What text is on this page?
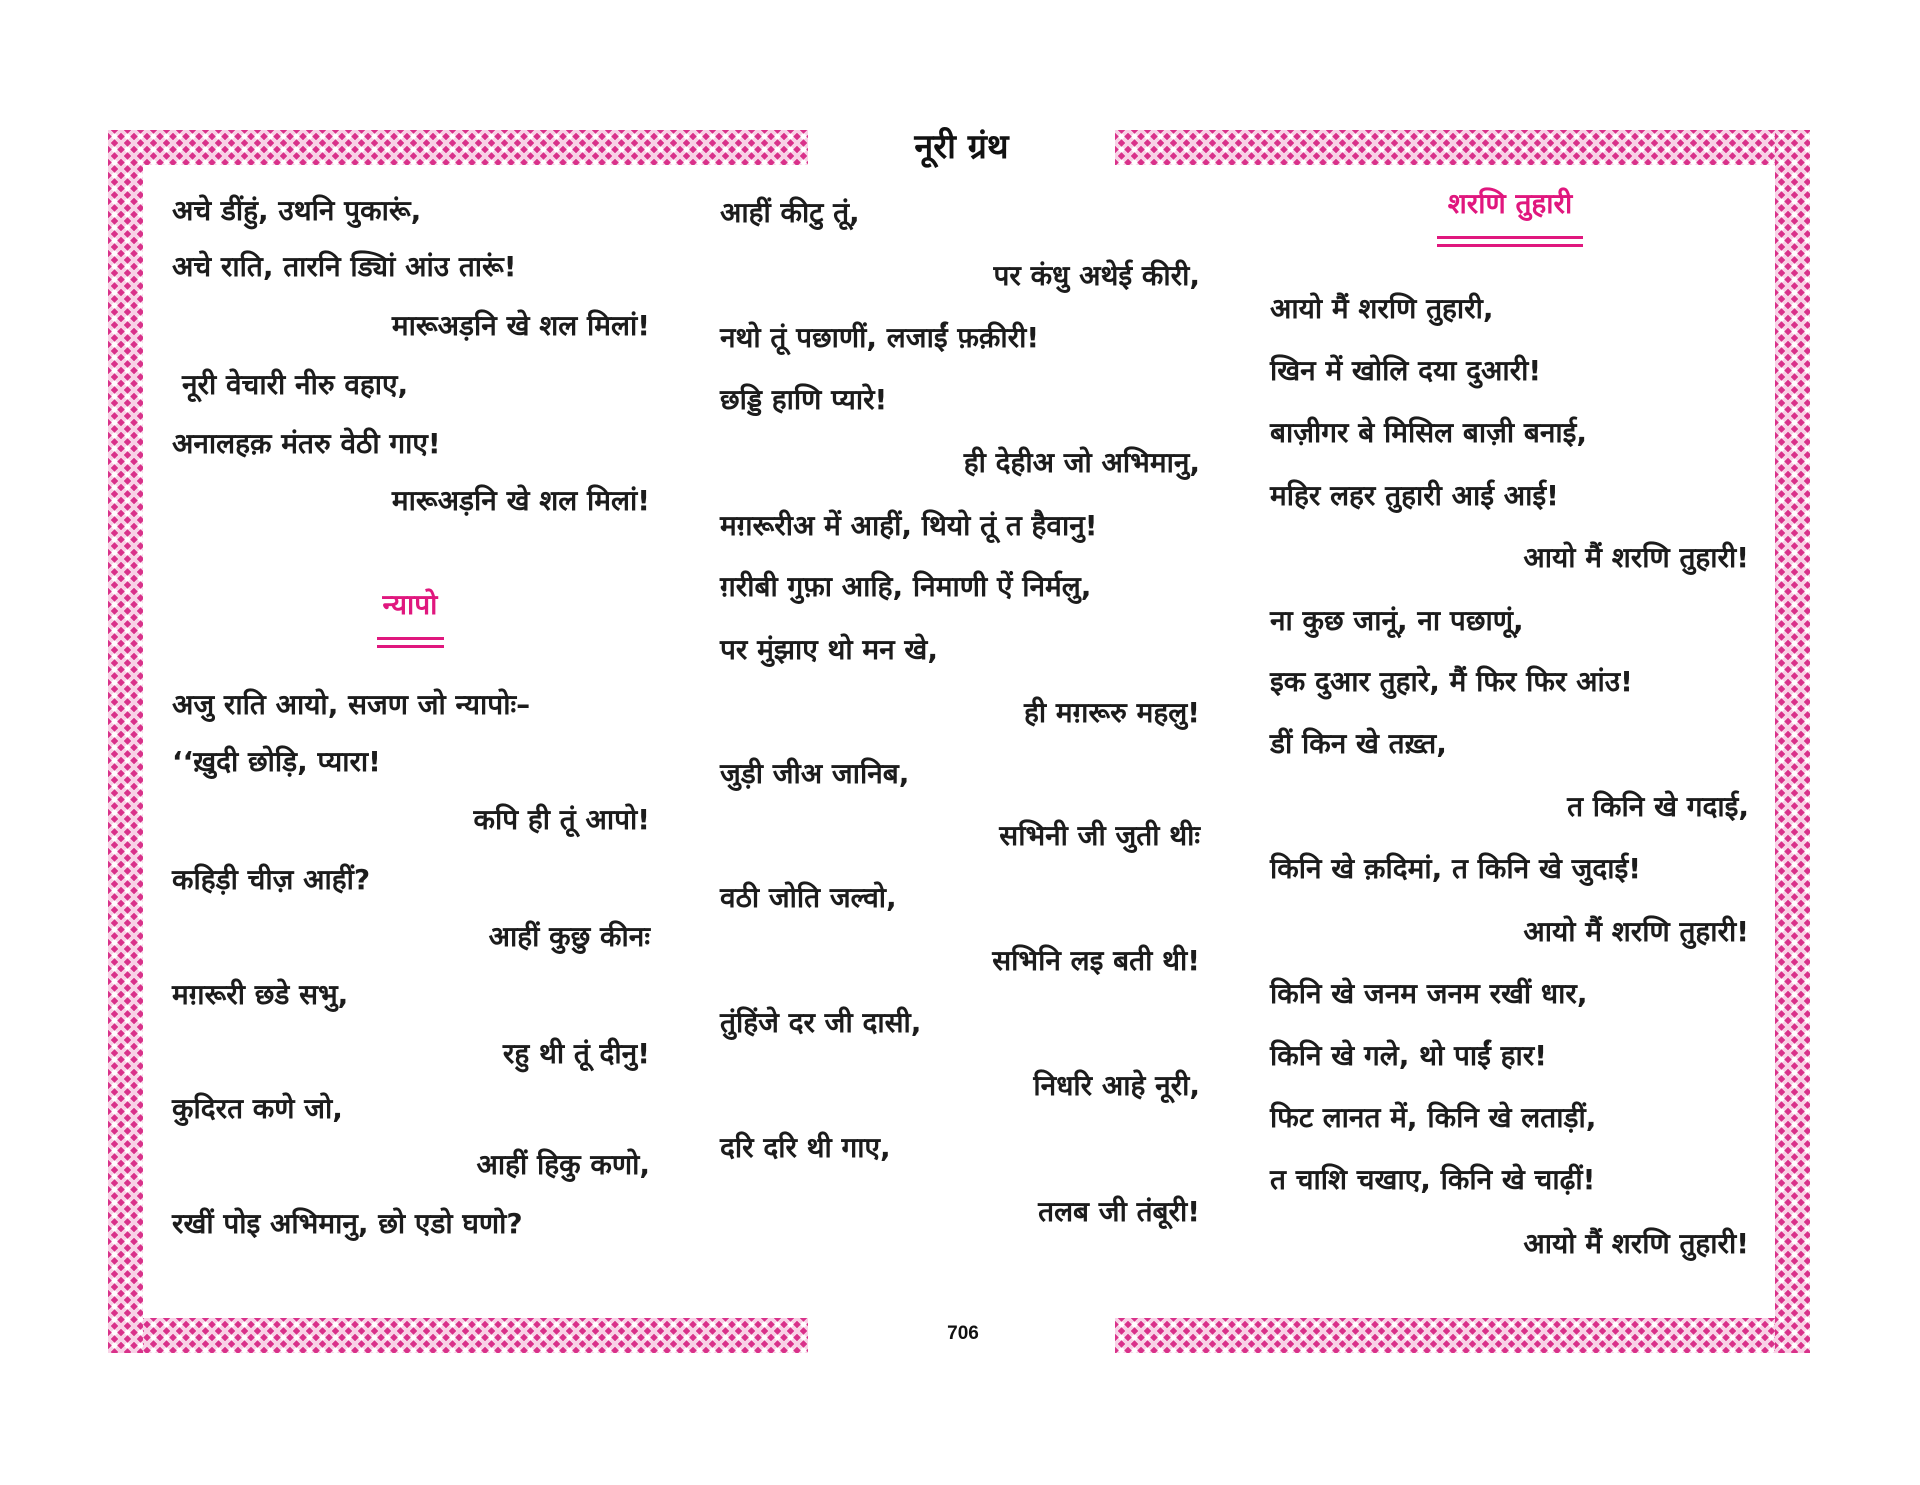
नूरी ग्रंथ
706
अचे डींहुं, उथनि पुकारूं,
अचे राति, तारनि ड्यिां आंउ तारूं!
मारूअड़नि खे शल मिलां!
नूरी वेचारी नीरु वहाए,
अनालहक़ मंतरु वेठी गाए!
मारूअड़नि खे शल मिलां!
न्यापो
अजु राति आयो, सजण जो न्यापोः–
‘‘ख़ुदी छोड़ि, प्यारा!
कपि ही तूं आपो!
कहिड़ी चीज़ आहीं?
आहीं कुछु कीनः
मग़रूरी छडे सभु,
रहु थी तूं दीनु!
कुदिरत कणे जो,
आहीं हिकु कणो,
रखीं पोइ अभिमानु, छो एडो घणो?
आहीं कीटु तूं,
पर कंधु अथेई कीरी,
नथो तूं पछाणीं, लजाईं फ़क़ीरी!
छड्डि हाणि प्यारे!
ही देहीअ जो अभिमानु,
मग़रूरीअ में आहीं, थियो तूं त हैवानु!
ग़रीबी गुफ़ा आहि, निमाणी ऐं निर्मलु,
पर मुंझाए थो मन खे,
ही मग़रूरु महलु!
जुड़ी जीअ जानिब,
सभिनी जी जुती थीः
वठी जोति जल्वो,
सभिनि लइ बती थी!
तुंहिंजे दर जी दासी,
निधरि आहे नूरी,
दरि दरि थी गाए,
तलब जी तंबूरी!
शरणि तुहारी
आयो मैं शरणि तुहारी,
खिन में खोलि दया दुआरी!
बाज़ीगर बे मिसिल बाज़ी बनाई,
महिर लहर तुहारी आई आई!
आयो मैं शरणि तुहारी!
ना कुछ जानूं, ना पछाणूं,
इक दुआर तुहारे, मैं फिर फिर आंउ!
डीं किन खे तख़्त,
त किनि खे गदाई,
किनि खे क़दिमां, त किनि खे जुदाई!
आयो मैं शरणि तुहारी!
किनि खे जनम जनम रखीं धार,
किनि खे गले, थो पाईं हार!
फिट लानत में, किनि खे लताड़ीं,
त चाशि चखाए, किनि खे चाढ़ीं!
आयो मैं शरणि तुहारी!
